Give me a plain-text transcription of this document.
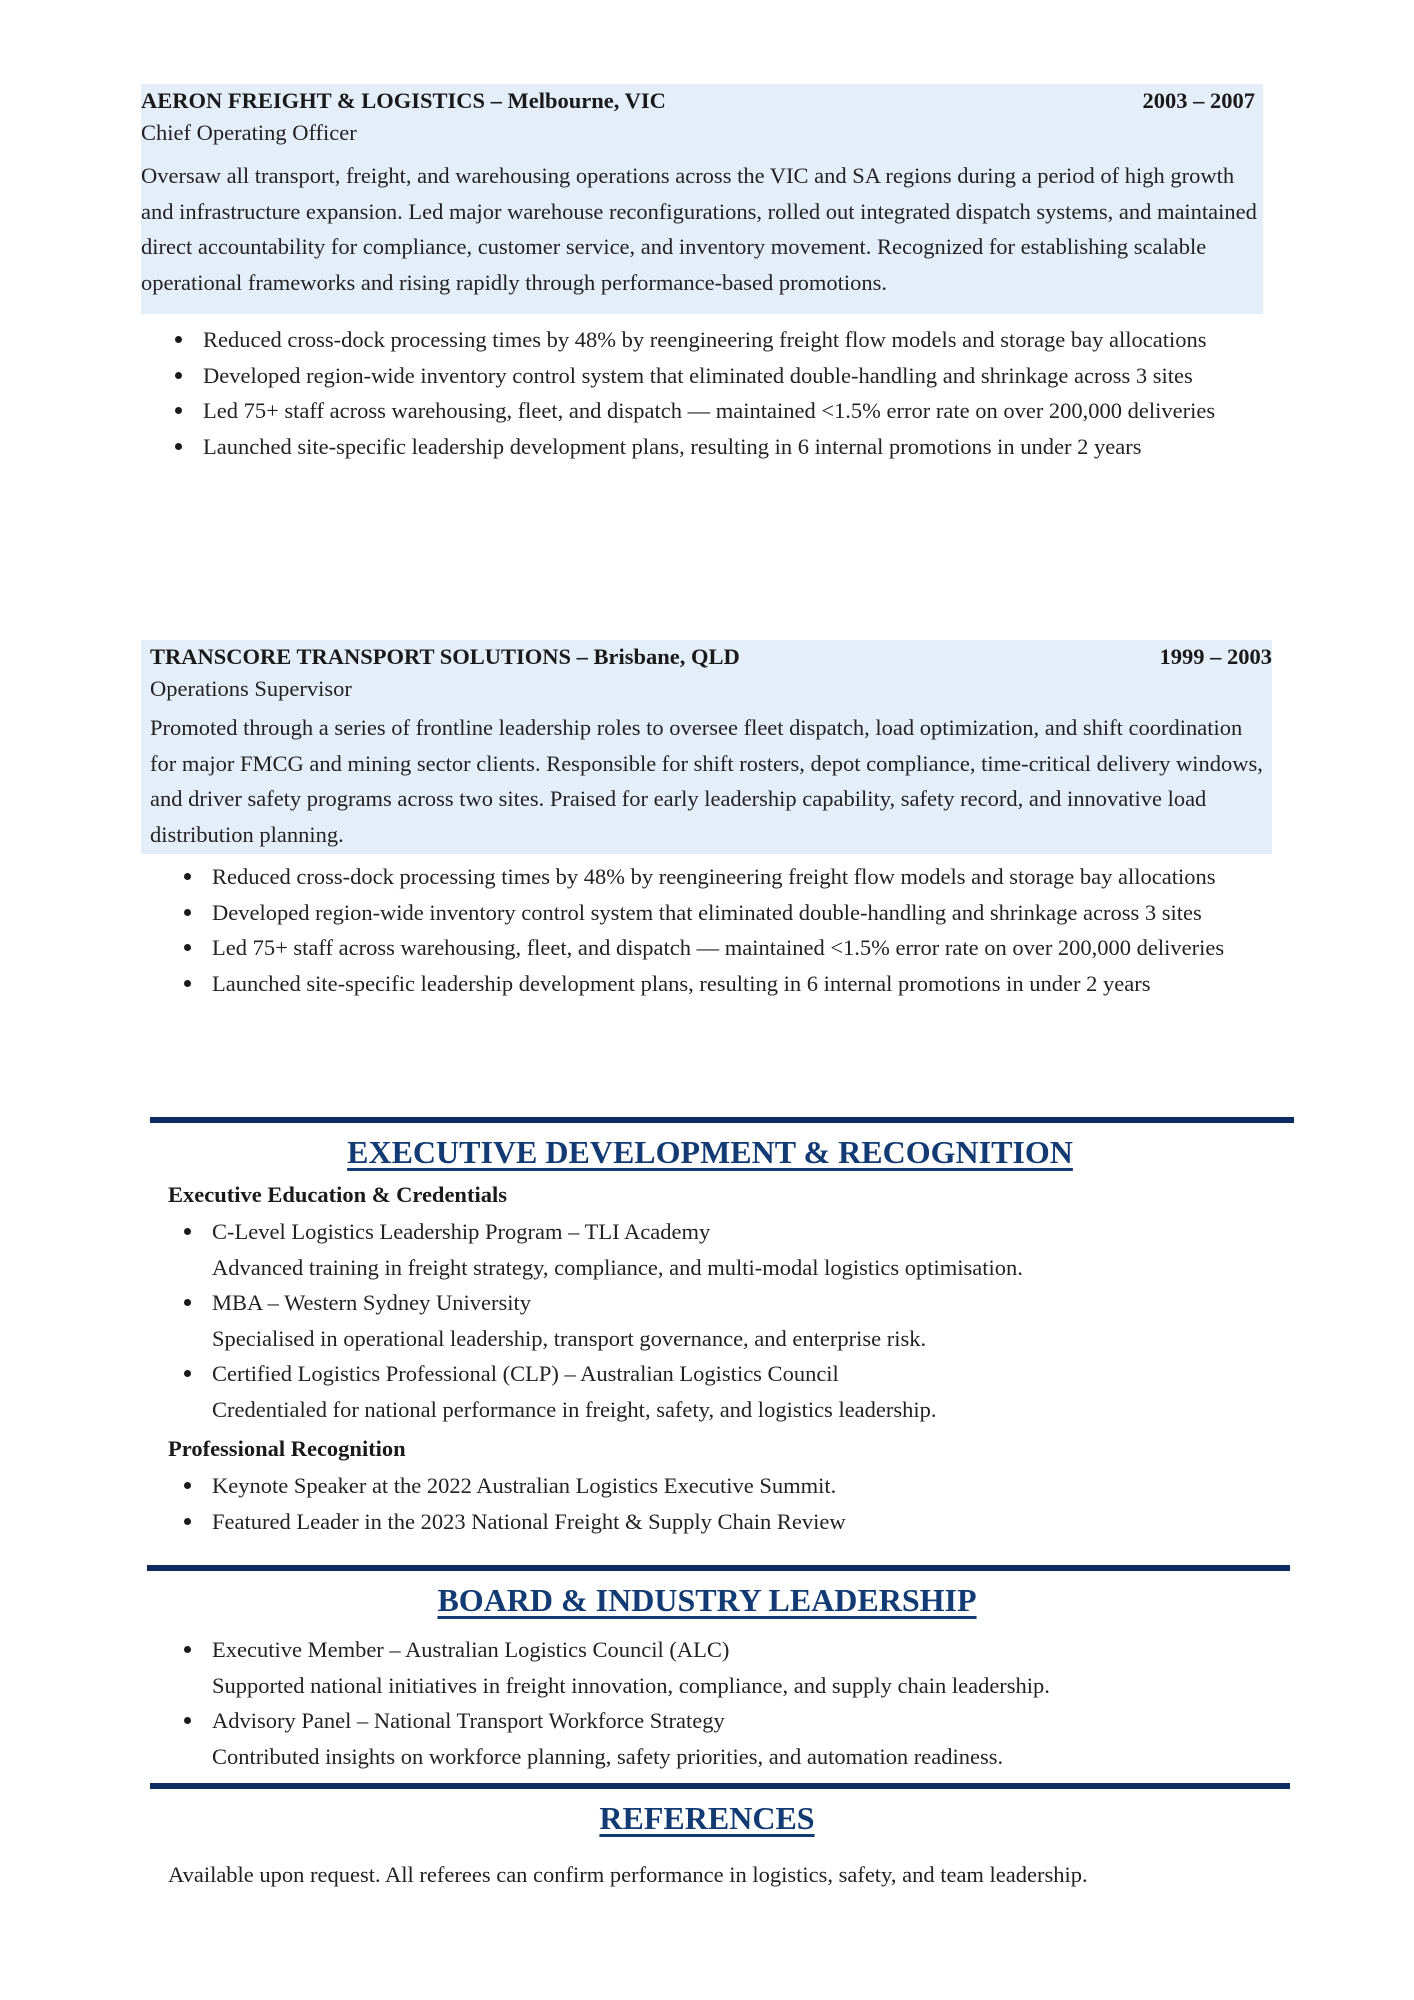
AERON FREIGHT & LOGISTICS – Melbourne, VIC	2003 – 2007
Chief Operating Officer
Oversaw all transport, freight, and warehousing operations across the VIC and SA regions during a period of high growth and infrastructure expansion. Led major warehouse reconfigurations, rolled out integrated dispatch systems, and maintained direct accountability for compliance, customer service, and inventory movement. Recognized for establishing scalable operational frameworks and rising rapidly through performance-based promotions.
Reduced cross-dock processing times by 48% by reengineering freight flow models and storage bay allocations
Developed region-wide inventory control system that eliminated double-handling and shrinkage across 3 sites
Led 75+ staff across warehousing, fleet, and dispatch — maintained <1.5% error rate on over 200,000 deliveries
Launched site-specific leadership development plans, resulting in 6 internal promotions in under 2 years
TRANSCORE TRANSPORT SOLUTIONS – Brisbane, QLD	1999 – 2003
Operations Supervisor
Promoted through a series of frontline leadership roles to oversee fleet dispatch, load optimization, and shift coordination for major FMCG and mining sector clients. Responsible for shift rosters, depot compliance, time-critical delivery windows, and driver safety programs across two sites. Praised for early leadership capability, safety record, and innovative load distribution planning.
Reduced cross-dock processing times by 48% by reengineering freight flow models and storage bay allocations
Developed region-wide inventory control system that eliminated double-handling and shrinkage across 3 sites
Led 75+ staff across warehousing, fleet, and dispatch — maintained <1.5% error rate on over 200,000 deliveries
Launched site-specific leadership development plans, resulting in 6 internal promotions in under 2 years
EXECUTIVE DEVELOPMENT & RECOGNITION
Executive Education & Credentials
C-Level Logistics Leadership Program – TLI Academy
Advanced training in freight strategy, compliance, and multi-modal logistics optimisation.
MBA – Western Sydney University
Specialised in operational leadership, transport governance, and enterprise risk.
Certified Logistics Professional (CLP) – Australian Logistics Council
Credentialed for national performance in freight, safety, and logistics leadership.
Professional Recognition
Keynote Speaker at the 2022 Australian Logistics Executive Summit.
Featured Leader in the 2023 National Freight & Supply Chain Review
BOARD & INDUSTRY LEADERSHIP
Executive Member – Australian Logistics Council (ALC)
Supported national initiatives in freight innovation, compliance, and supply chain leadership.
Advisory Panel – National Transport Workforce Strategy
Contributed insights on workforce planning, safety priorities, and automation readiness.
REFERENCES
Available upon request. All referees can confirm performance in logistics, safety, and team leadership.
